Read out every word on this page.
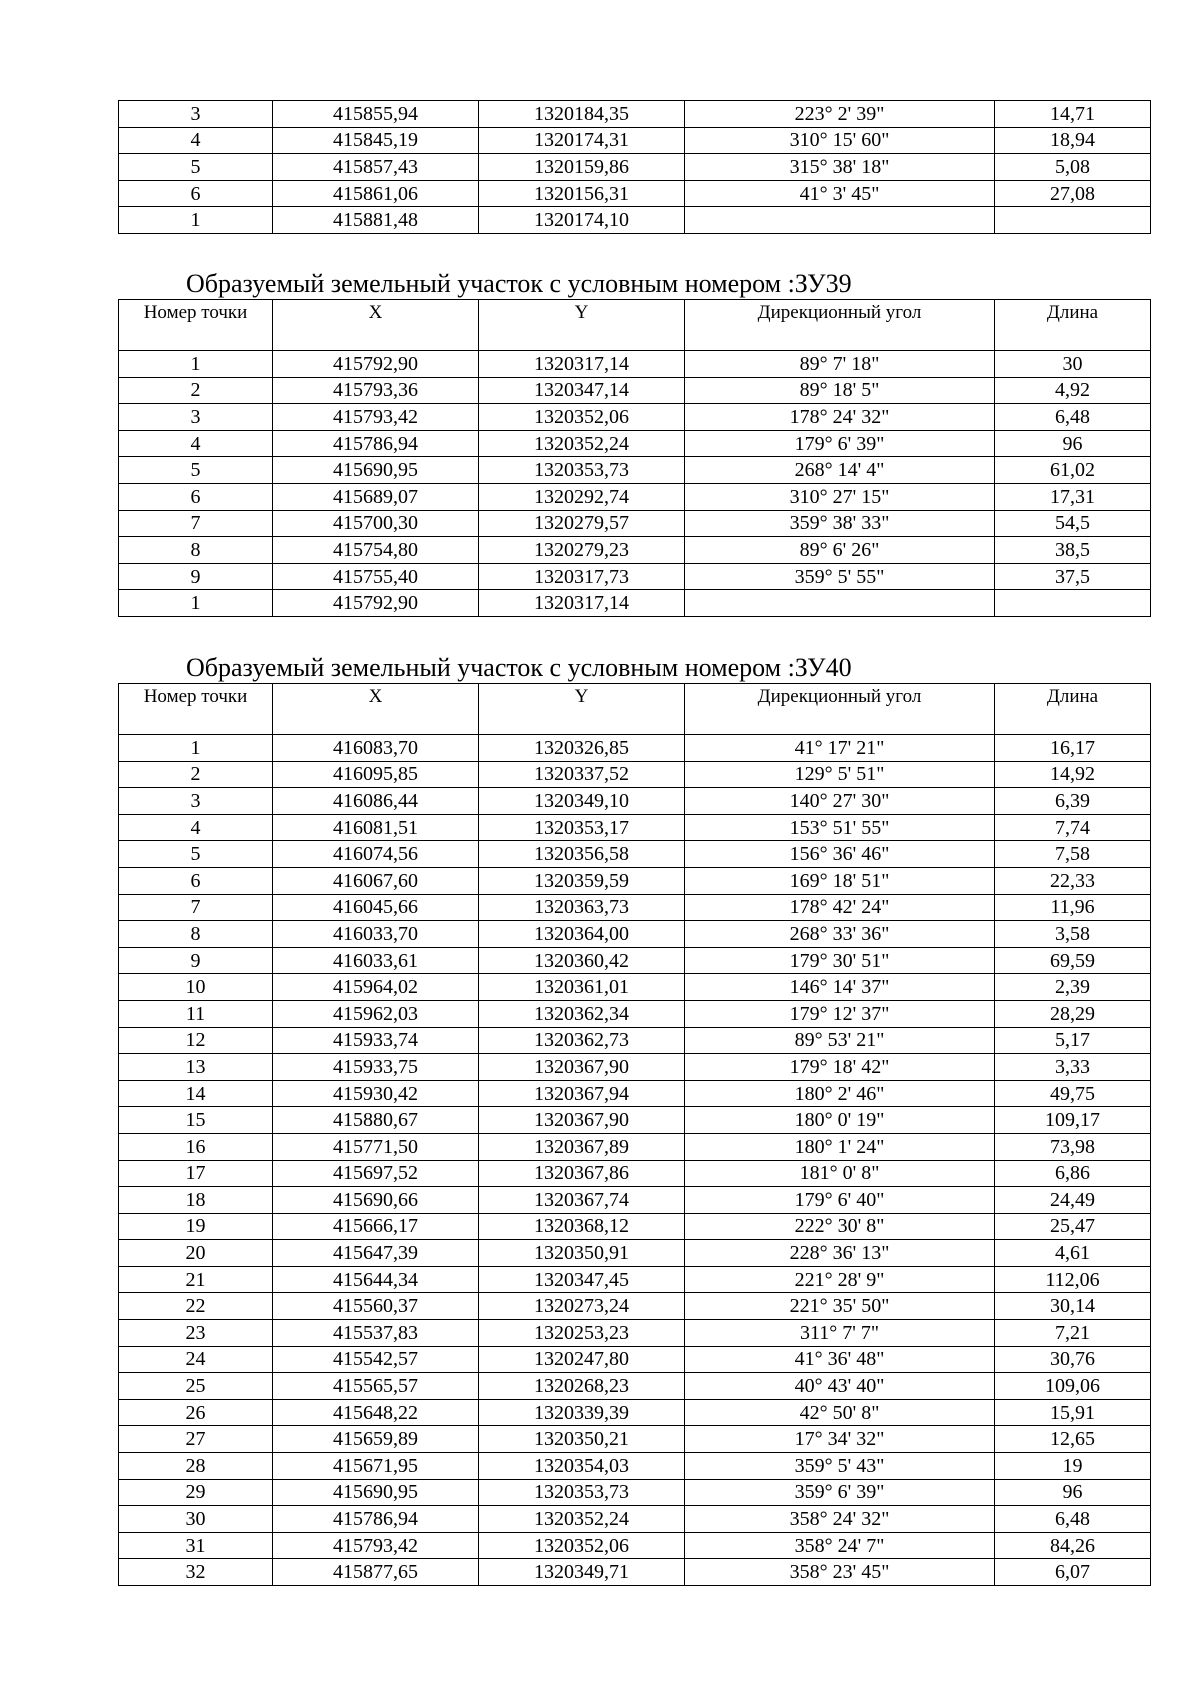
3	415855,94	1320184,35	223° 2' 39"	14,71
4	415845,19	1320174,31	310° 15' 60"	18,94
5	415857,43	1320159,86	315° 38' 18"	5,08
6	415861,06	1320156,31	41° 3' 45"	27,08
1	415881,48	1320174,10		
Образуемый земельный участок с условным номером :ЗУ39
Номер точки	X	Y	Дирекционный угол	Длина
1	415792,90	1320317,14	89° 7' 18"	30
2	415793,36	1320347,14	89° 18' 5"	4,92
3	415793,42	1320352,06	178° 24' 32"	6,48
4	415786,94	1320352,24	179° 6' 39"	96
5	415690,95	1320353,73	268° 14' 4"	61,02
6	415689,07	1320292,74	310° 27' 15"	17,31
7	415700,30	1320279,57	359° 38' 33"	54,5
8	415754,80	1320279,23	89° 6' 26"	38,5
9	415755,40	1320317,73	359° 5' 55"	37,5
1	415792,90	1320317,14		
Образуемый земельный участок с условным номером :ЗУ40
Номер точки	X	Y	Дирекционный угол	Длина
1	416083,70	1320326,85	41° 17' 21"	16,17
2	416095,85	1320337,52	129° 5' 51"	14,92
3	416086,44	1320349,10	140° 27' 30"	6,39
4	416081,51	1320353,17	153° 51' 55"	7,74
5	416074,56	1320356,58	156° 36' 46"	7,58
6	416067,60	1320359,59	169° 18' 51"	22,33
7	416045,66	1320363,73	178° 42' 24"	11,96
8	416033,70	1320364,00	268° 33' 36"	3,58
9	416033,61	1320360,42	179° 30' 51"	69,59
10	415964,02	1320361,01	146° 14' 37"	2,39
11	415962,03	1320362,34	179° 12' 37"	28,29
12	415933,74	1320362,73	89° 53' 21"	5,17
13	415933,75	1320367,90	179° 18' 42"	3,33
14	415930,42	1320367,94	180° 2' 46"	49,75
15	415880,67	1320367,90	180° 0' 19"	109,17
16	415771,50	1320367,89	180° 1' 24"	73,98
17	415697,52	1320367,86	181° 0' 8"	6,86
18	415690,66	1320367,74	179° 6' 40"	24,49
19	415666,17	1320368,12	222° 30' 8"	25,47
20	415647,39	1320350,91	228° 36' 13"	4,61
21	415644,34	1320347,45	221° 28' 9"	112,06
22	415560,37	1320273,24	221° 35' 50"	30,14
23	415537,83	1320253,23	311° 7' 7"	7,21
24	415542,57	1320247,80	41° 36' 48"	30,76
25	415565,57	1320268,23	40° 43' 40"	109,06
26	415648,22	1320339,39	42° 50' 8"	15,91
27	415659,89	1320350,21	17° 34' 32"	12,65
28	415671,95	1320354,03	359° 5' 43"	19
29	415690,95	1320353,73	359° 6' 39"	96
30	415786,94	1320352,24	358° 24' 32"	6,48
31	415793,42	1320352,06	358° 24' 7"	84,26
32	415877,65	1320349,71	358° 23' 45"	6,07
